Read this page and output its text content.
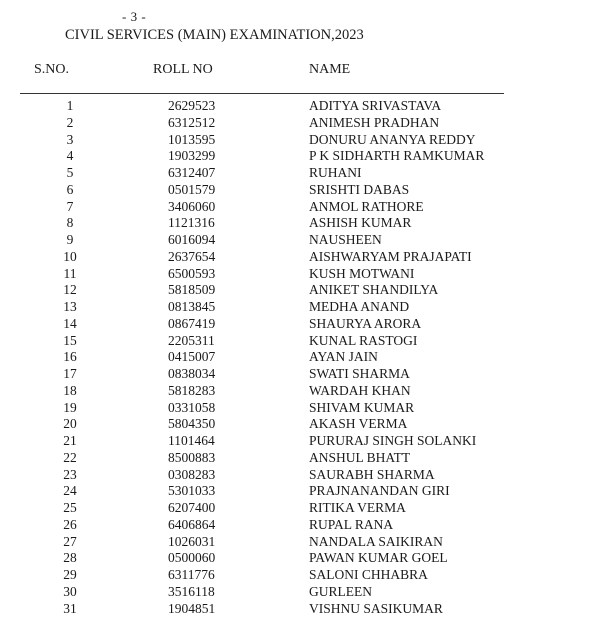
- 3 -
CIVIL SERVICES (MAIN) EXAMINATION,2023
S.NO.	ROLL NO	NAME
1	2629523	ADITYA SRIVASTAVA
2	6312512	ANIMESH PRADHAN
3	1013595	DONURU ANANYA REDDY
4	1903299	P K SIDHARTH RAMKUMAR
5	6312407	RUHANI
6	0501579	SRISHTI DABAS
7	3406060	ANMOL RATHORE
8	1121316	ASHISH KUMAR
9	6016094	NAUSHEEN
10	2637654	AISHWARYAM PRAJAPATI
11	6500593	KUSH MOTWANI
12	5818509	ANIKET SHANDILYA
13	0813845	MEDHA ANAND
14	0867419	SHAURYA ARORA
15	2205311	KUNAL RASTOGI
16	0415007	AYAN JAIN
17	0838034	SWATI SHARMA
18	5818283	WARDAH KHAN
19	0331058	SHIVAM KUMAR
20	5804350	AKASH VERMA
21	1101464	PURURAJ SINGH SOLANKI
22	8500883	ANSHUL BHATT
23	0308283	SAURABH SHARMA
24	5301033	PRAJNANANDAN GIRI
25	6207400	RITIKA VERMA
26	6406864	RUPAL RANA
27	1026031	NANDALA SAIKIRAN
28	0500060	PAWAN KUMAR GOEL
29	6311776	SALONI CHHABRA
30	3516118	GURLEEN
31	1904851	VISHNU SASIKUMAR
